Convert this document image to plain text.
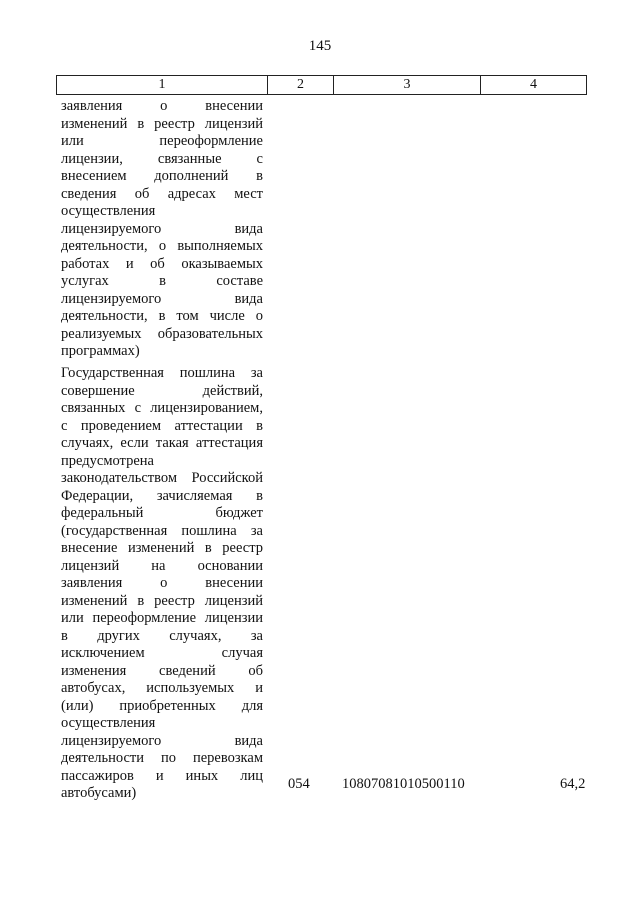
145
1	2	3	4
заявления о внесении
изменений в реестр лицензий
или переоформление
лицензии, связанные с
внесением дополнений в
сведения об адресах мест
осуществления
лицензируемого вида
деятельности, о выполняемых
работах и об оказываемых
услугах в составе
лицензируемого вида
деятельности, в том числе о
реализуемых образовательных
программах)
Государственная пошлина за
совершение действий,
связанных с лицензированием,
с проведением аттестации в
случаях, если такая аттестация
предусмотрена
законодательством Российской
Федерации, зачисляемая в
федеральный бюджет
(государственная пошлина за
внесение изменений в реестр
лицензий на основании
заявления о внесении
изменений в реестр лицензий
или переоформление лицензии
в других случаях, за
исключением случая
изменения сведений об
автобусах, используемых и
(или) приобретенных для
осуществления
лицензируемого вида
деятельности по перевозкам
пассажиров и иных лиц
автобусами)
054 10807081010500110	64,2
